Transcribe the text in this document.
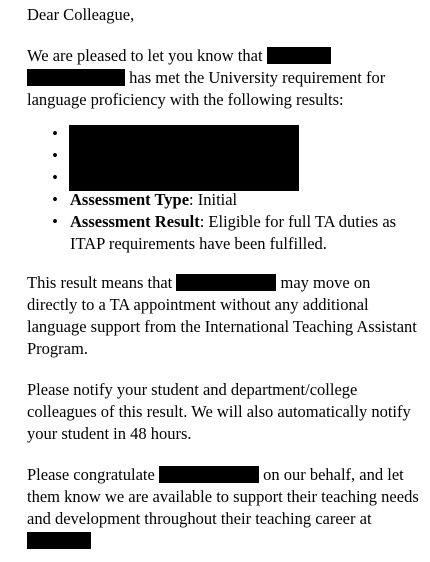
Dear Colleague,

We are pleased to let you know that
has met the University requirement for language proficiency with the following results:

•
•
•
• Assessment Type: Initial
• Assessment Result: Eligible for full TA duties as ITAP requirements have been fulfilled.

This result means that	may move on directly to a TA appointment without any additional language support from the International Teaching Assistant Program.

Please notify your student and department/college colleagues of this result. We will also automatically notify your student in 48 hours.

Please congratulate	on our behalf, and let them know we are available to support their teaching needs and development throughout their teaching career at
